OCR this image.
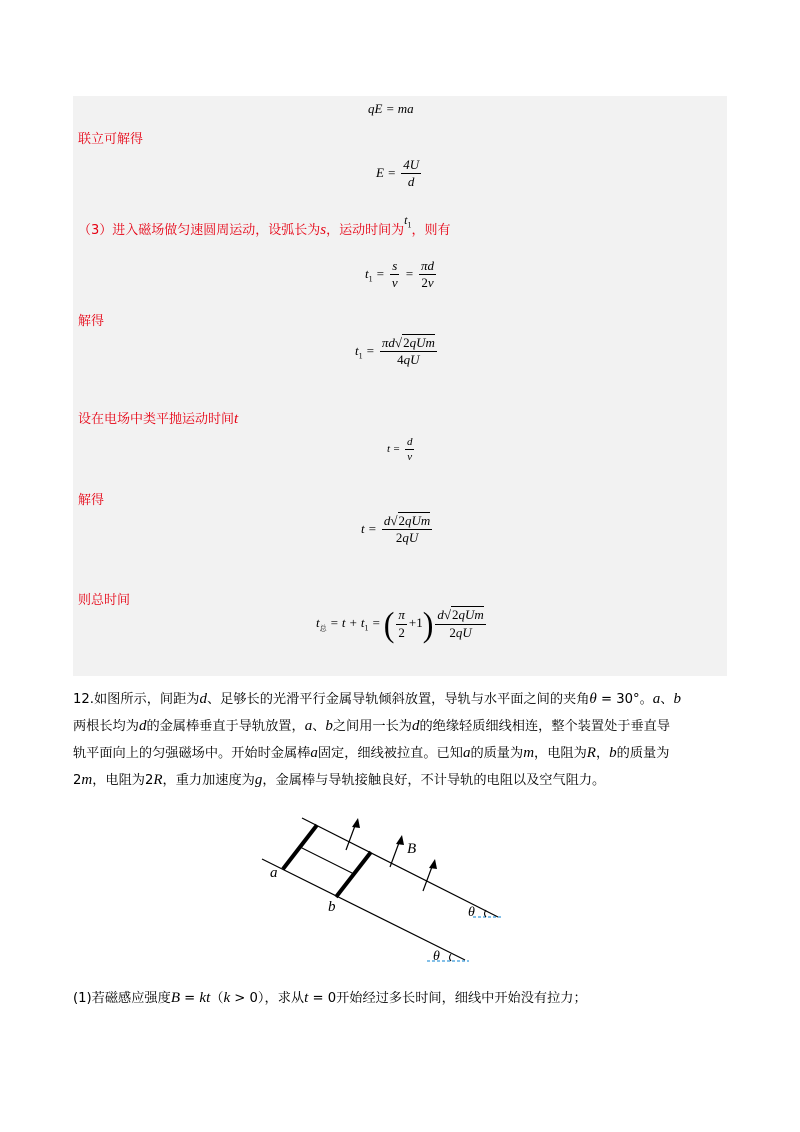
qE = ma
联立可解得
$E = \frac{4U}{d}$
（3）进入磁场做匀速圆周运动，设弧长为s，运动时间为$t_1$，则有
$t_1 = \frac{s}{v} = \frac{\pi d}{2v}$
解得
$t_1 = \frac{\text{πd√2qUm}}{4qU}$
设在电场中类平抛运动时间t
$t = \frac{d}{v}$
解得
$t = \frac{\text{d√2qUm}}{2qU}$
则总时间
$t_总 = t + t_1$ = ( $\frac{\pi}{2} +1) \frac{\text{d√2qUm}}{2qU}$
12.如图所示，间距为d、足够长的光滑平行金属导轨倾斜放置，导轨与水平面之间的夹角θ = 30°。a、b
两根长均为d的金属棒垂直于导轨放置，a、b之间用一长为d的绝缘轻质细线相连，整个装置处于垂直导
轨平面向上的匀强磁场中。开始时金属棒a固定，细线被拉直。已知a的质量为m，电阻为R，b的质量为
2m，电阻为2R，重力加速度为g，金属棒与导轨接触良好，不计导轨的电阻以及空气阻力。
a
b
B
θ
θ
(1)若磁感应强度B = kt（k > 0），求从t = 0开始经过多长时间，细线中开始没有拉力；
